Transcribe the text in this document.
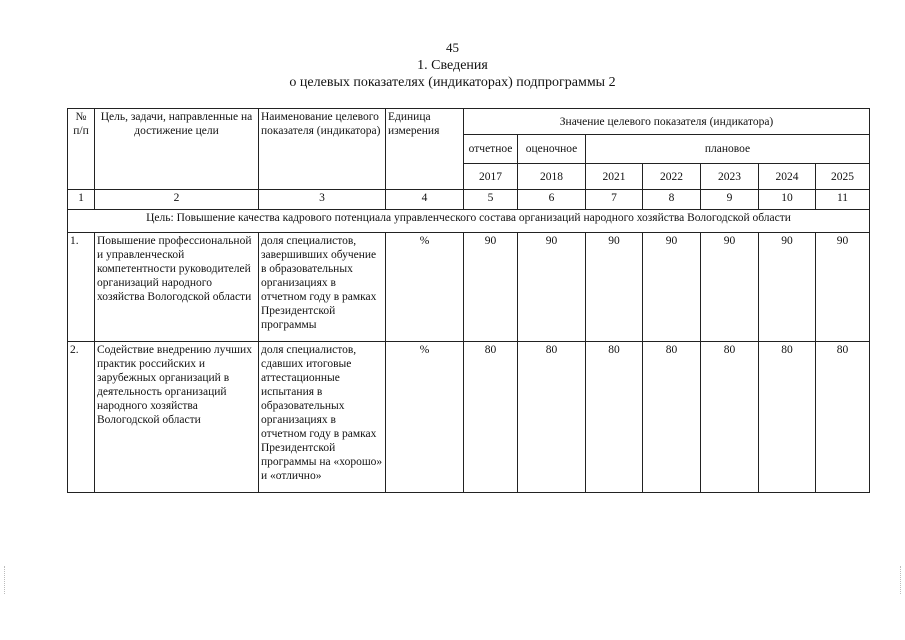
45
1. Сведения
о целевых показателях (индикаторах) подпрограммы 2
№ п/п	Цель, задачи, направленные на достижение цели	Наименование целевого показателя (индикатора)	Единица измерения	Значение целевого показателя (индикатора)						
				отчетное	оценочное	плановое				
				2017	2018	2021	2022	2023	2024	2025
1	2	3	4	5	6	7	8	9	10	11
Цель: Повышение качества кадрового потенциала управленческого состава организаций народного хозяйства Вологодской области										
1.	Повышение профессиональной и управленческой компетентности руководителей организаций народного хозяйства Вологодской области	доля специалистов, завершивших обучение в образовательных организациях в отчетном году в рамках Президентской программы	%	90	90	90	90	90	90	90
2.	Содействие внедрению лучших практик российских и зарубежных организаций в деятельность организаций народного хозяйства Вологодской области	доля специалистов, сдавших итоговые аттестационные испытания в образовательных организациях в отчетном году в рамках Президентской программы на «хорошо» и «отлично»	%	80	80	80	80	80	80	80
